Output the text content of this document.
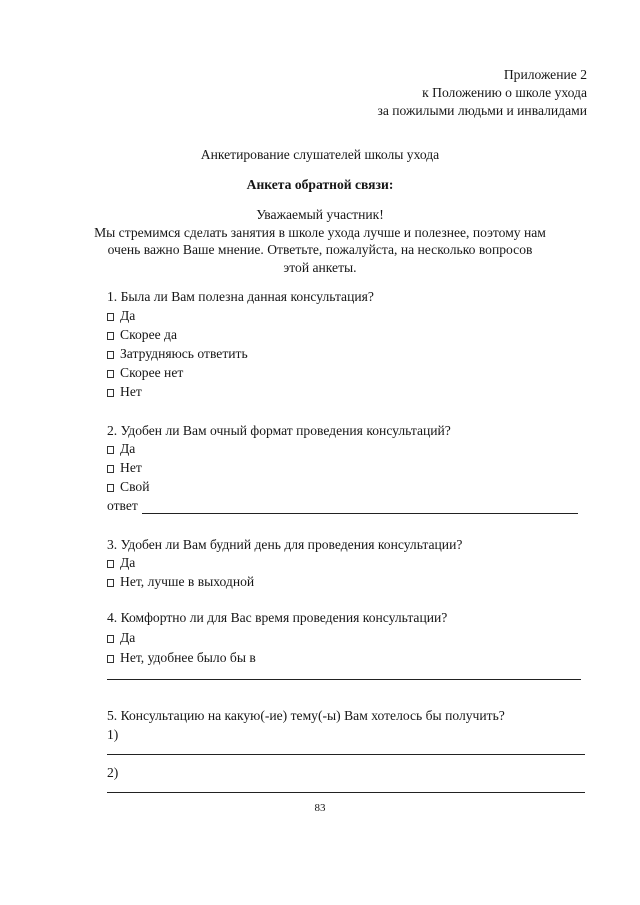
Приложение 2
к Положению о школе ухода
за пожилыми людьми и инвалидами
Анкетирование слушателей школы ухода
Анкета обратной связи:
Уважаемый участник!
Мы стремимся сделать занятия в школе ухода лучше и полезнее, поэтому нам
очень важно Ваше мнение. Ответьте, пожалуйста, на несколько вопросов
этой анкеты.
1. Была ли Вам полезна данная консультация?
Да
Скорее да
Затрудняюсь ответить
Скорее нет
Нет
2. Удобен ли Вам очный формат проведения консультаций?
Да
Нет
Свой
ответ
3. Удобен ли Вам будний день для проведения консультации?
Да
Нет, лучше в выходной
4. Комфортно ли для Вас время проведения консультации?
Да
Нет, удобнее было бы в
5. Консультацию на какую(-ие) тему(-ы) Вам хотелось бы получить?
1)
2)
83
